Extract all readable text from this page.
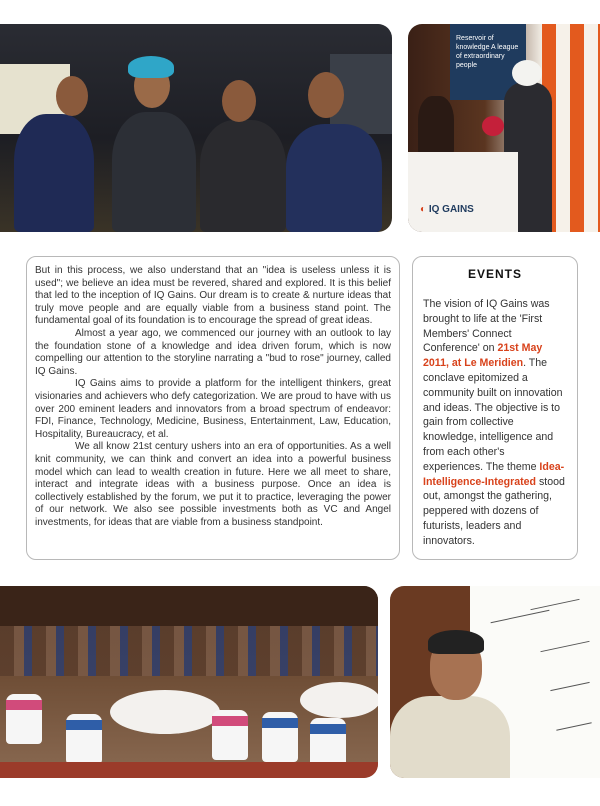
Reservoir of knowledge A league of extraordinary people
◐ IQ GAINS

But in this process, we also understand that an "idea is useless unless it is used"; we believe an idea must be revered, shared and explored. It is this belief that led to the inception of IQ Gains. Our dream is to create & nurture ideas that truly move people and are equally viable from a business stand point. The fundamental goal of its foundation is to encourage the spread of great ideas.

Almost a year ago, we commenced our journey with an outlook to lay the foundation stone of a knowledge and idea driven forum, which is now compelling our attention to the storyline narrating a "bud to rose" journey, called IQ Gains.

IQ Gains aims to provide a platform for the intelligent thinkers, great visionaries and achievers who defy categorization. We are proud to have with us over 200 eminent leaders and innovators from a broad spectrum of endeavor: FDI, Finance, Technology, Medicine, Business, Entertainment, Law, Education, Hospitality, Bureaucracy, et al.

We all know 21st century ushers into an era of opportunities. As a well knit community, we can think and convert an idea into a powerful business model which can lead to wealth creation in future. Here we all meet to share, interact and integrate ideas with a business purpose. Once an idea is collectively established by the forum, we put it to practice, leveraging the power of our network. We also see possible investments both as VC and Angel investments, for ideas that are viable from a business standpoint.

EVENTS

The vision of IQ Gains was brought to life at the 'First Members' Connect Conference' on 21st May 2011, at Le Meridien. The conclave epitomized a community built on innovation and ideas. The objective is to gain from collective knowledge, intelligence and from each other's experiences. The theme Idea- Intelligence-Integrated stood out, amongst the gathering, peppered with dozens of futurists, leaders and innovators.
